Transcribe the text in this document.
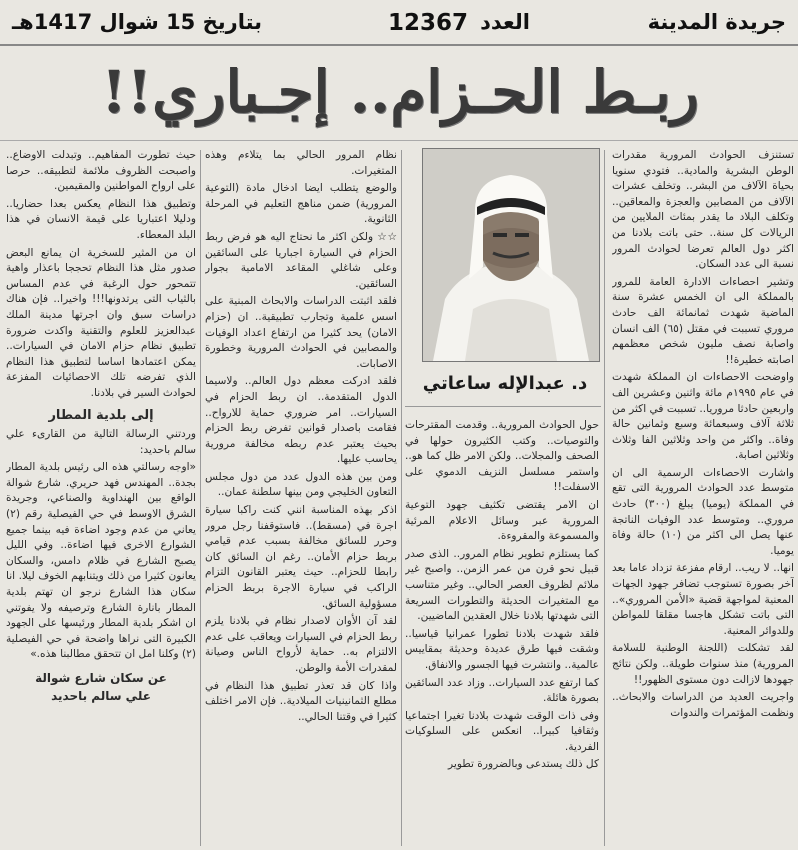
جريدة المدينة
العدد
12367
بتاريخ 15 شوال 1417هـ
ربـط الحـزام.. إجـباري!!

تستنزف الحوادث المرورية مقدرات الوطن البشرية والمادية.. فتودي سنويا بحياة الآلاف من البشر.. وتخلف عشرات الآلاف من المصابين والعجزة والمعاقين.. وتكلف البلاد ما يقدر بمئات الملايين من الريالات كل سنة.. حتى باتت بلادنا من اكثر دول العالم تعرضا لحوادث المرور نسبة الى عدد السكان.

وتشير احصاءات الادارة العامة للمرور بالمملكة الى ان الخمس عشرة سنة الماضية شهدت ثمانمائة الف حادث مروري تسببت في مقتل (٦٥) الف انسان واصابة نصف مليون شخص معظمهم اصابته خطيرة!!

واوضحت الاحصاءات ان المملكة شهدت في عام ١٩٩٥م مائة واثنين وعشرين الف واربعين حادثا مروريا.. تسببت في اكثر من ثلاثة آلاف وسبعمائة وسبع وثمانين حالة وفاة.. واكثر من واحد وثلاثين الفا وثلاث وثلاثين اصابة.

واشارت الاحصاءات الرسمية الى ان متوسط عدد الحوادث المرورية التى تقع في المملكة (يوميا) يبلغ (٣٠٠) حادث مروري.. ومتوسط عدد الوفيات الناتجة عنها يصل الى اكثر من (١٠) حالة وفاة يوميا.

انها.. لا ريب.. ارقام مفزعة تزداد عاما بعد آخر بصورة تستوجب تضافر جهود الجهات المعنية لمواجهة قضية «الأمن المروري».. التى باتت تشكل هاجسا مقلقا للمواطن وللدوائر المعنية.

لقد تشكلت (اللجنة الوطنية للسلامة المرورية) منذ سنوات طويلة.. ولكن نتائج جهودها لازالت دون مستوى الظهور!!

واجريت العديد من الدراسات والابحاث.. ونظمت المؤتمرات والندوات

د. عبدالإله ساعاتي

حول الحوادث المرورية.. وقدمت المقترحات والتوصيات.. وكتب الكثيرون حولها في الصحف والمجلات.. ولكن الامر ظل كما هو.. واستمر مسلسل النزيف الدموي على الاسفلت!!

ان الامر يقتضى تكثيف جهود التوعية المرورية عبر وسائل الاعلام المرئية والمسموعة والمقروءة.

كما يستلزم تطوير نظام المرور.. الذى صدر قبيل نحو قرن من عمر الزمن.. واصبح غير ملائم لظروف العصر الحالي.. وغير متناسب مع المتغيرات الحديثة والتطورات السريعة التى شهدتها بلادنا خلال العقدين الماضيين.

فلقد شهدت بلادنا تطورا عمرانيا قياسيا.. وشقت فيها طرق عديدة وحديثة بمقاييس عالمية.. وانتشرت فيها الجسور والانفاق.

كما ارتفع عدد السيارات.. وزاد عدد السائقين بصورة هائلة.

وفى ذات الوقت شهدت بلادنا تغيرا اجتماعيا وثقافيا كبيرا.. انعكس على السلوكيات الفردية.

كل ذلك يستدعى وبالضرورة تطوير

نظام المرور الحالي بما يتلاءم وهذه المتغيرات.

والوضع يتطلب ايضا ادخال مادة (التوعية المرورية) ضمن مناهج التعليم في المرحلة الثانوية.

☆☆ ولكن اكثر ما نحتاج اليه هو فرض ربط الحزام في السيارة اجباريا على السائقين وعلى شاغلي المقاعد الامامية بجوار السائقين.

فلقد اثبتت الدراسات والابحاث المبنية على اسس علمية وتجارب تطبيقية.. ان (حزام الامان) يحد كثيرا من ارتفاع اعداد الوفيات والمصابين في الحوادث المرورية وخطورة الاصابات.

فلقد ادركت معظم دول العالم.. ولاسيما الدول المتقدمة.. ان ربط الحزام في السيارات.. امر ضروري حماية للارواح.. فقامت باصدار قوانين تفرض ربط الحزام بحيث يعتبر عدم ربطه مخالفة مرورية يحاسب عليها.

ومن بين هذه الدول عدد من دول مجلس التعاون الخليجي ومن بينها سلطنة عمان..

اذكر بهذه المناسبة انني كنت راكبا سيارة اجرة في (مسقط).. فاستوقفنا رجل مرور وحرر للسائق مخالفة بسبب عدم قيامي بربط حزام الأمان.. رغم ان السائق كان رابطا للحزام.. حيث يعتبر القانون التزام الراكب في سيارة الاجرة بربط الحزام مسؤولية السائق.

لقد آن الأوان لاصدار نظام في بلادنا يلزم ربط الحزام في السيارات ويعاقب على عدم الالتزام به.. حماية لأرواح الناس وصيانة لمقدرات الأمة والوطن.

واذا كان قد تعذر تطبيق هذا النظام في مطلع الثمانينيات الميلادية.. فإن الامر اختلف كثيرا في وقتنا الحالي..

حيث تطورت المفاهيم.. وتبدلت الاوضاع.. واصبحت الظروف ملائمة لتطبيقه.. حرصا على ارواح المواطنين والمقيمين.

وتطبيق هذا النظام يعكس بعدا حضاريا.. ودليلا اعتباريا على قيمة الانسان في هذا البلد المعطاء.

ان من المثير للسخرية ان يمانع البعض صدور مثل هذا النظام تحججا باعذار واهية تتمحور حول الرغبة في عدم المساس بالثياب التى يرتدونها!!! واخيرا.. فإن هناك دراسات سبق وان اجرتها مدينة الملك عبدالعزيز للعلوم والتقنية واكدت ضرورة تطبيق نظام حزام الامان في السيارات.. يمكن اعتمادها اساسا لتطبيق هذا النظام الذي تفرضه تلك الاحصائيات المفزعة لحوادث السير في بلادنا.

إلى بلدية المطار

وردتني الرسالة التالية من القارىء علي سالم باحديد:

«اوجه رسالتي هذه الى رئيس بلدية المطار بجدة.. المهندس فهد حريري. شارع شوالة الواقع بين الهنداوية والصناعي، وجريدة الشرق الاوسط في حي الفيصلية رقم (٢) يعاني من عدم وجود اضاءة فيه بينما جميع الشوارع الاخرى فيها اضاءة.. وفي الليل يصبح الشارع في ظلام دامس، والسكان يعانون كثيرا من ذلك ويتنابهم الخوف ليلا. انا سكان هذا الشارع نرجو ان تهتم بلدية المطار بانارة الشارع وترصيفه ولا يفوتني ان اشكر بلدية المطار ورئيسها على الجهود الكبيرة التى نراها واضحة في حي الفيصلية (٢) وكلنا امل ان تتحقق مطالبنا هذه.»

عن سكان شارع شوالة
علي سالم باحديد
